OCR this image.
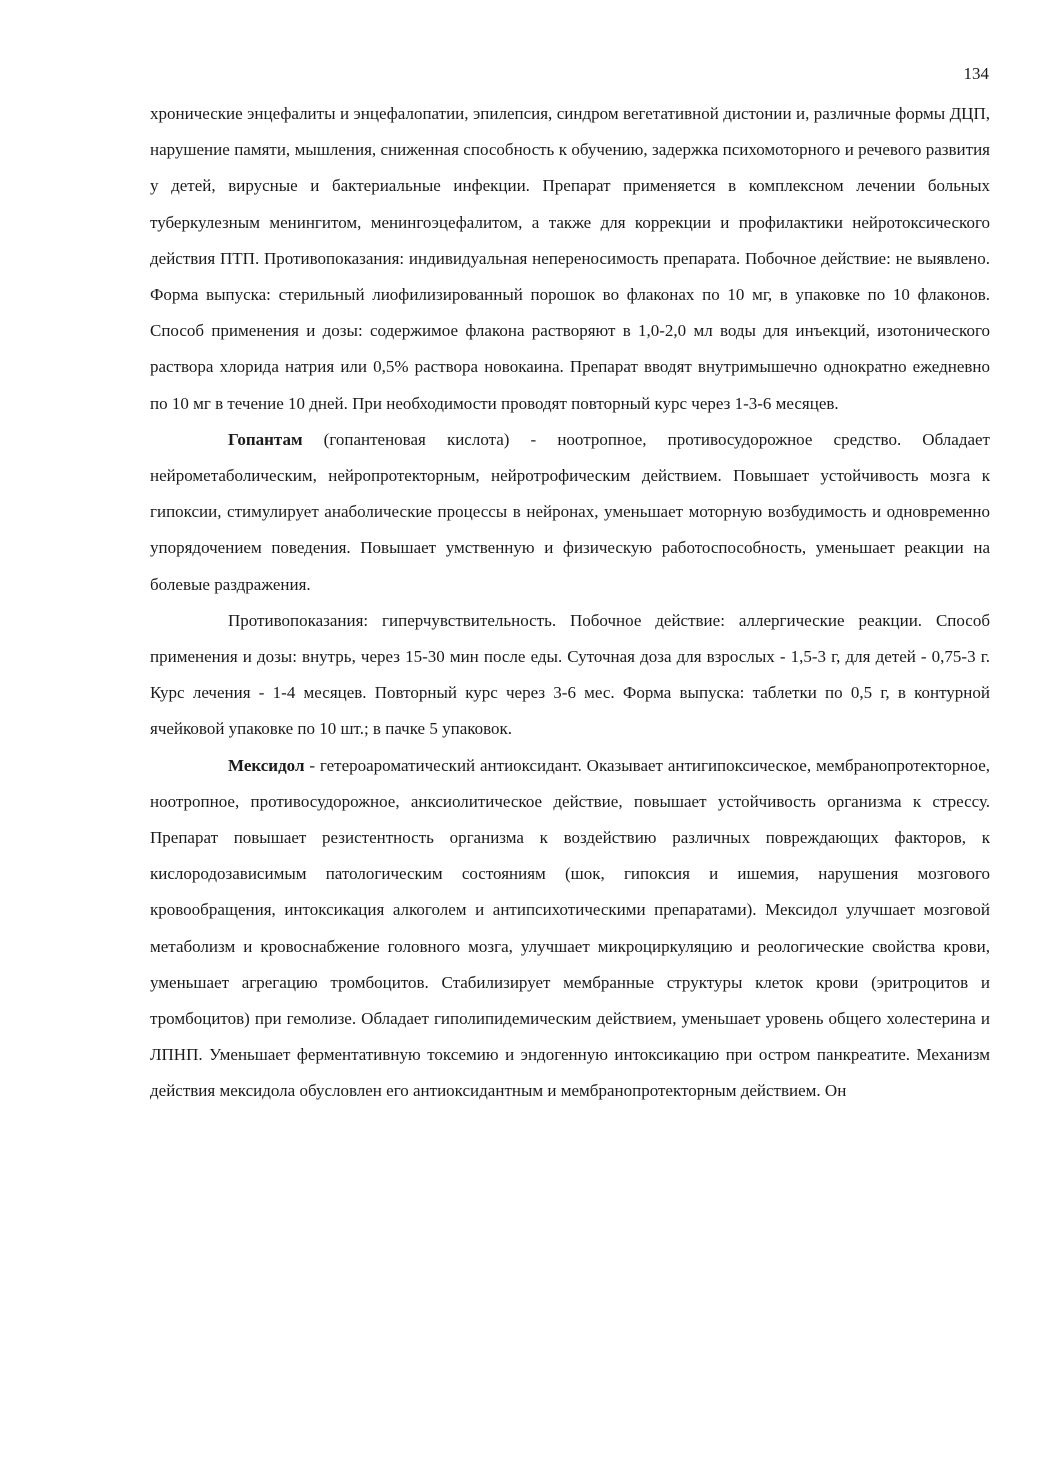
134

хронические энцефалиты и энцефалопатии, эпилепсия, синдром вегетативной дистонии и, различные формы ДЦП, нарушение памяти, мышления, сниженная способность к обучению, задержка психомоторного и речевого развития у детей, вирусные и бактериальные инфекции. Препарат применяется в комплексном лечении больных туберкулезным менингитом, менингоэцефалитом, а также для коррекции и профилактики нейротоксического действия ПТП. Противопоказания: индивидуальная непереносимость препарата. Побочное действие: не выявлено. Форма выпуска: стерильный лиофилизированный порошок во флаконах по 10 мг, в упаковке по 10 флаконов. Способ применения и дозы: содержимое флакона растворяют в 1,0-2,0 мл воды для инъекций, изотонического раствора хлорида натрия или 0,5% раствора новокаина. Препарат вводят внутримышечно однократно ежедневно по 10 мг в течение 10 дней. При необходимости проводят повторный курс через 1-3-6 месяцев.

Гопантам (гопантеновая кислота) - ноотропное, противосудорожное средство. Обладает нейрометаболическим, нейропротекторным, нейротрофическим действием. Повышает устойчивость мозга к гипоксии, стимулирует анаболические процессы в нейронах, уменьшает моторную возбудимость и одновременно упорядочением поведения. Повышает умственную и физическую работоспособность, уменьшает реакции на болевые раздражения.

Противопоказания: гиперчувствительность. Побочное действие: аллергические реакции. Способ применения и дозы: внутрь, через 15-30 мин после еды. Суточная доза для взрослых - 1,5-3 г, для детей - 0,75-3 г. Курс лечения - 1-4 месяцев. Повторный курс через 3-6 мес. Форма выпуска: таблетки по 0,5 г, в контурной ячейковой упаковке по 10 шт.; в пачке 5 упаковок.

Мексидол - гетероароматический антиоксидант. Оказывает антигипоксическое, мембранопротекторное, ноотропное, противосудорожное, анксиолитическое действие, повышает устойчивость организма к стрессу. Препарат повышает резистентность организма к воздействию различных повреждающих факторов, к кислородозависимым патологическим состояниям (шок, гипоксия и ишемия, нарушения мозгового кровообращения, интоксикация алкоголем и антипсихотическими препаратами). Мексидол улучшает мозговой метаболизм и кровоснабжение головного мозга, улучшает микроциркуляцию и реологические свойства крови, уменьшает агрегацию тромбоцитов. Стабилизирует мембранные структуры клеток крови (эритроцитов и тромбоцитов) при гемолизе. Обладает гиполипидемическим действием, уменьшает уровень общего холестерина и ЛПНП. Уменьшает ферментативную токсемию и эндогенную интоксикацию при остром панкреатите. Механизм действия мексидола обусловлен его антиоксидантным и мембранопротекторным действием. Он
